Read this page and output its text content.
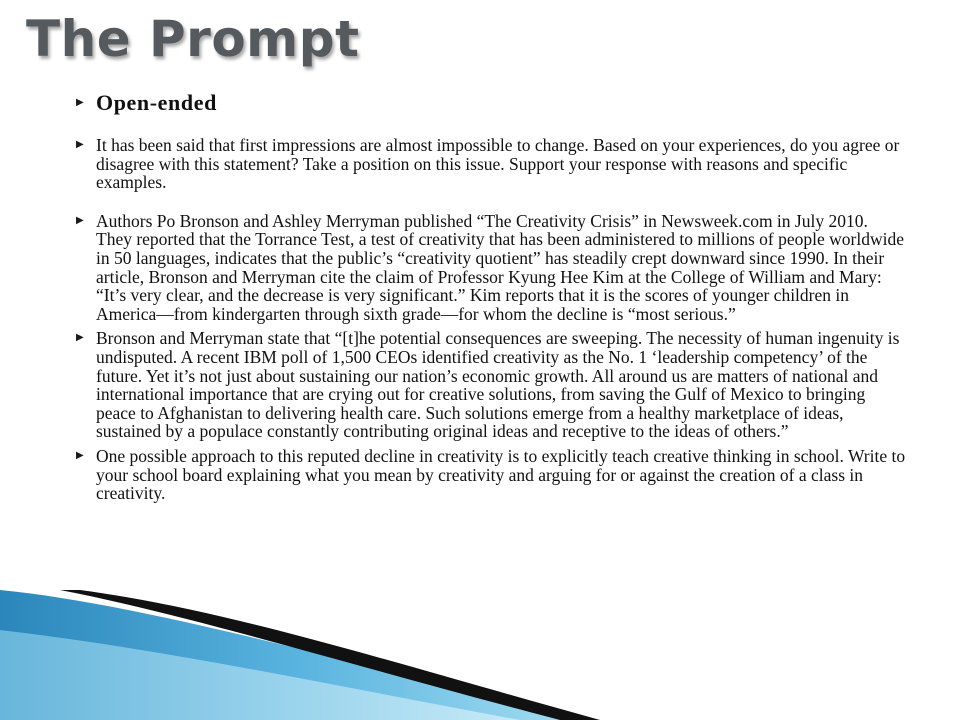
The Prompt
▶ Open-ended
▶ It has been said that first impressions are almost impossible to change. Based on your experiences, do you agree or disagree with this statement? Take a position on this issue. Support your response with reasons and specific examples.
▶ Authors Po Bronson and Ashley Merryman published “The Creativity Crisis” in Newsweek.com in July 2010. They reported that the Torrance Test, a test of creativity that has been administered to millions of people worldwide in 50 languages, indicates that the public’s “creativity quotient” has steadily crept downward since 1990. In their article, Bronson and Merryman cite the claim of Professor Kyung Hee Kim at the College of William and Mary: “It’s very clear, and the decrease is very significant.” Kim reports that it is the scores of younger children in America—from kindergarten through sixth grade—for whom the decline is “most serious.”
▶ Bronson and Merryman state that “[t]he potential consequences are sweeping. The necessity of human ingenuity is undisputed. A recent IBM poll of 1,500 CEOs identified creativity as the No. 1 ‘leadership competency’ of the future. Yet it’s not just about sustaining our nation’s economic growth. All around us are matters of national and international importance that are crying out for creative solutions, from saving the Gulf of Mexico to bringing peace to Afghanistan to delivering health care. Such solutions emerge from a healthy marketplace of ideas, sustained by a populace constantly contributing original ideas and receptive to the ideas of others.”
▶ One possible approach to this reputed decline in creativity is to explicitly teach creative thinking in school. Write to your school board explaining what you mean by creativity and arguing for or against the creation of a class in creativity.
